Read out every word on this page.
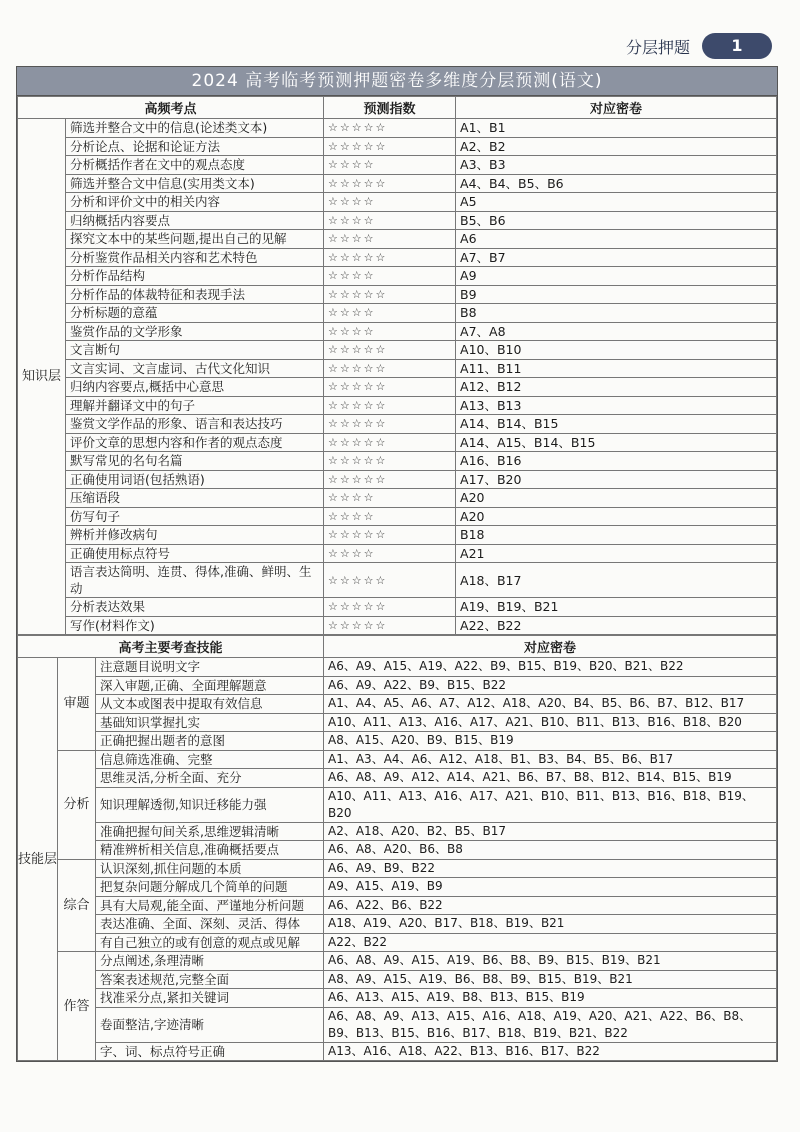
分层押题	1
2024 高考临考预测押题密卷多维度分层预测(语文)
高频考点		预测指数	对应密卷
知识层	筛选并整合文中的信息(论述类文本)	☆☆☆☆☆	A1、B1
	分析论点、论据和论证方法	☆☆☆☆☆	A2、B2
	分析概括作者在文中的观点态度	☆☆☆☆	A3、B3
	筛选并整合文中信息(实用类文本)	☆☆☆☆☆	A4、B4、B5、B6
	分析和评价文中的相关内容	☆☆☆☆	A5
	归纳概括内容要点	☆☆☆☆	B5、B6
	探究文本中的某些问题,提出自己的见解	☆☆☆☆	A6
	分析鉴赏作品相关内容和艺术特色	☆☆☆☆☆	A7、B7
	分析作品结构	☆☆☆☆	A9
	分析作品的体裁特征和表现手法	☆☆☆☆☆	B9
	分析标题的意蕴	☆☆☆☆	B8
	鉴赏作品的文学形象	☆☆☆☆	A7、A8
	文言断句	☆☆☆☆☆	A10、B10
	文言实词、文言虚词、古代文化知识	☆☆☆☆☆	A11、B11
	归纳内容要点,概括中心意思	☆☆☆☆☆	A12、B12
	理解并翻译文中的句子	☆☆☆☆☆	A13、B13
	鉴赏文学作品的形象、语言和表达技巧	☆☆☆☆☆	A14、B14、B15
	评价文章的思想内容和作者的观点态度	☆☆☆☆☆	A14、A15、B14、B15
	默写常见的名句名篇	☆☆☆☆☆	A16、B16
	正确使用词语(包括熟语)	☆☆☆☆☆	A17、B20
	压缩语段	☆☆☆☆	A20
	仿写句子	☆☆☆☆	A20
	辨析并修改病句	☆☆☆☆☆	B18
	正确使用标点符号	☆☆☆☆	A21
	语言表达简明、连贯、得体,准确、鲜明、生动	☆☆☆☆☆	A18、B17
	分析表达效果	☆☆☆☆☆	A19、B19、B21
	写作(材料作文)	☆☆☆☆☆	A22、B22
高考主要考查技能			对应密卷
技能层	审题	注意题目说明文字	A6、A9、A15、A19、A22、B9、B15、B19、B20、B21、B22
		深入审题,正确、全面理解题意	A6、A9、A22、B9、B15、B22
		从文本或图表中提取有效信息	A1、A4、A5、A6、A7、A12、A18、A20、B4、B5、B6、B7、B12、B17
		基础知识掌握扎实	A10、A11、A13、A16、A17、A21、B10、B11、B13、B16、B18、B20
		正确把握出题者的意图	A8、A15、A20、B9、B15、B19
	分析	信息筛选准确、完整	A1、A3、A4、A6、A12、A18、B1、B3、B4、B5、B6、B17
		思维灵活,分析全面、充分	A6、A8、A9、A12、A14、A21、B6、B7、B8、B12、B14、B15、B19
		知识理解透彻,知识迁移能力强	A10、A11、A13、A16、A17、A21、B10、B11、B13、B16、B18、B19、B20
		准确把握句间关系,思维逻辑清晰	A2、A18、A20、B2、B5、B17
		精准辨析相关信息,准确概括要点	A6、A8、A20、B6、B8
	综合	认识深刻,抓住问题的本质	A6、A9、B9、B22
		把复杂问题分解成几个简单的问题	A9、A15、A19、B9
		具有大局观,能全面、严谨地分析问题	A6、A22、B6、B22
		表达准确、全面、深刻、灵活、得体	A18、A19、A20、B17、B18、B19、B21
		有自己独立的或有创意的观点或见解	A22、B22
	作答	分点阐述,条理清晰	A6、A8、A9、A15、A19、B6、B8、B9、B15、B19、B21
		答案表述规范,完整全面	A8、A9、A15、A19、B6、B8、B9、B15、B19、B21
		找准采分点,紧扣关键词	A6、A13、A15、A19、B8、B13、B15、B19
		卷面整洁,字迹清晰	A6、A8、A9、A13、A15、A16、A18、A19、A20、A21、A22、B6、B8、B9、B13、B15、B16、B17、B18、B19、B21、B22
		字、词、标点符号正确	A13、A16、A18、A22、B13、B16、B17、B22
